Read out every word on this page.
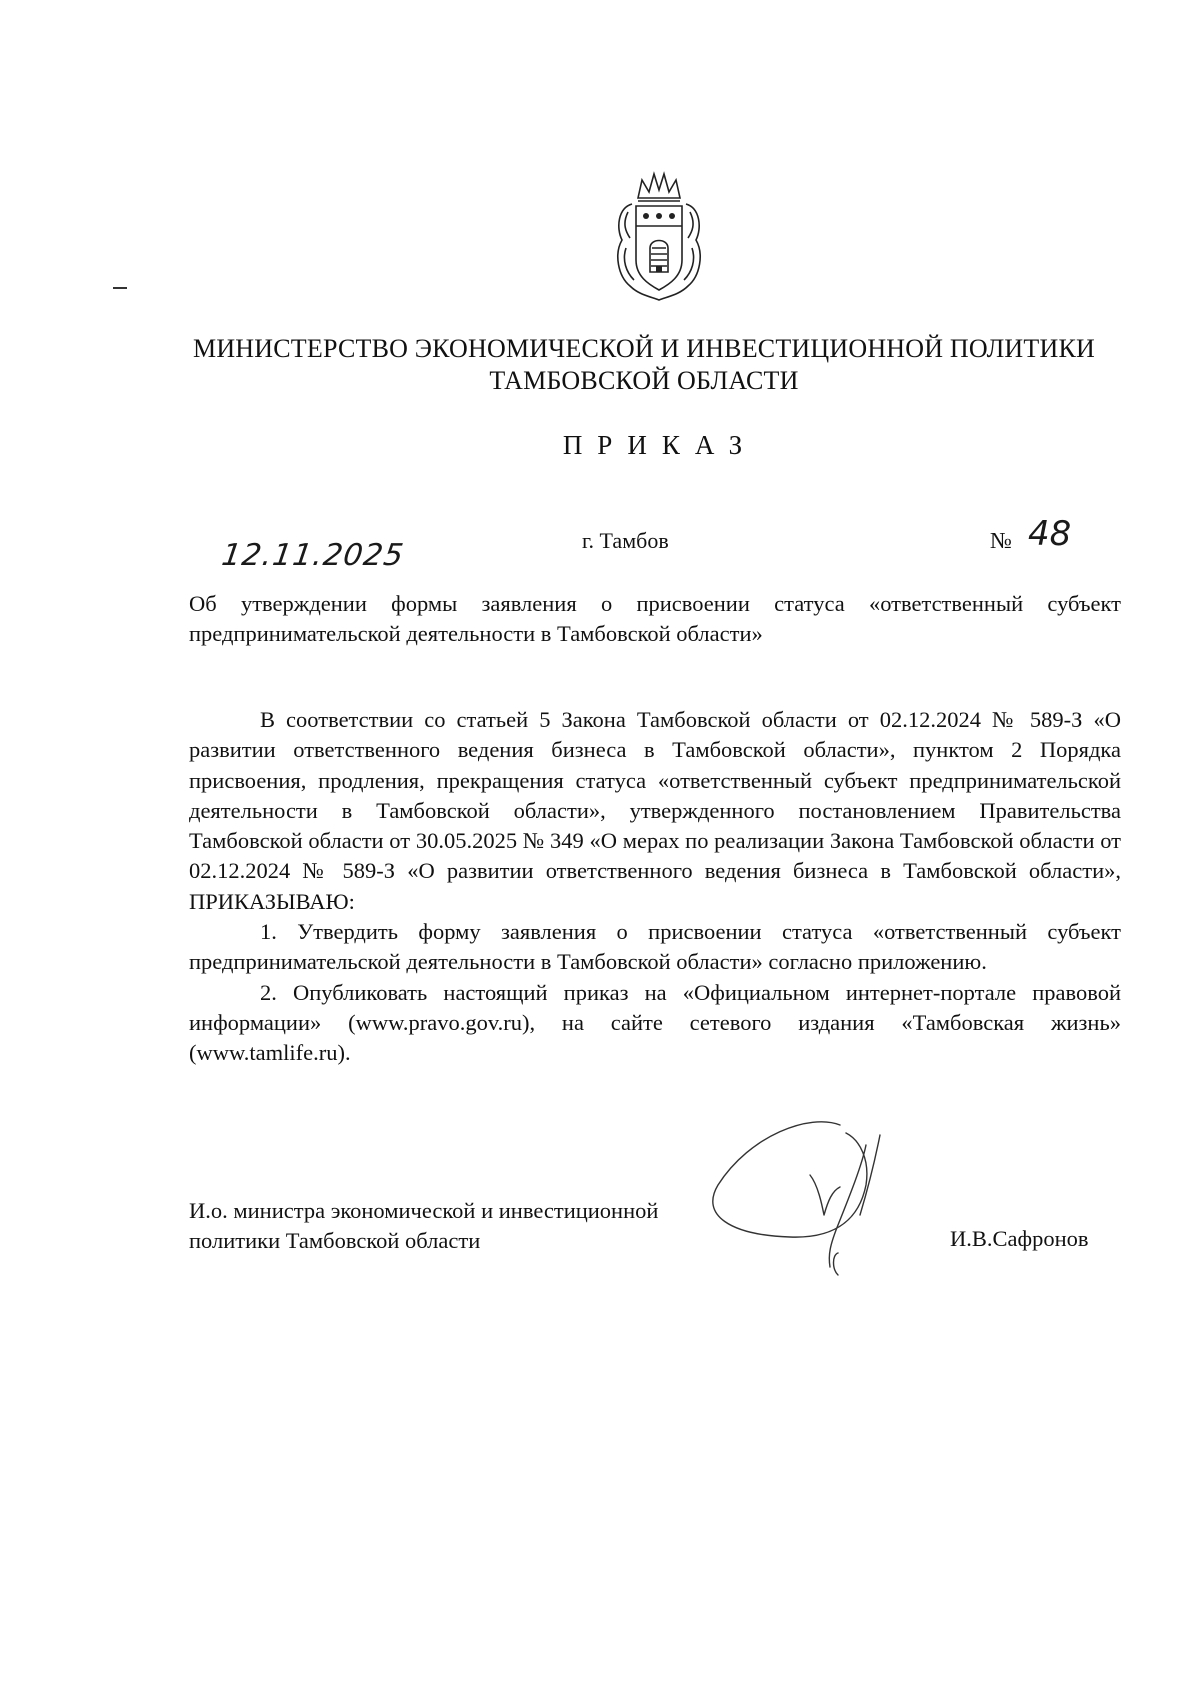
МИНИСТЕРСТВО ЭКОНОМИЧЕСКОЙ И ИНВЕСТИЦИОННОЙ ПОЛИТИКИ
ТАМБОВСКОЙ ОБЛАСТИ
ПРИКАЗ
12.11.2025	г. Тамбов	№ 48
Об утверждении формы заявления о присвоении статуса «ответственный субъект предпринимательской деятельности в Тамбовской области»

В соответствии со статьей 5 Закона Тамбовской области от 02.12.2024 № 589-З «О развитии ответственного ведения бизнеса в Тамбовской области», пунктом 2 Порядка присвоения, продления, прекращения статуса «ответственный субъект предпринимательской деятельности в Тамбовской области», утвержденного постановлением Правительства Тамбовской области от 30.05.2025 № 349 «О мерах по реализации Закона Тамбовской области от 02.12.2024 № 589-З «О развитии ответственного ведения бизнеса в Тамбовской области», ПРИКАЗЫВАЮ:

1. Утвердить форму заявления о присвоении статуса «ответственный субъект предпринимательской деятельности в Тамбовской области» согласно приложению.

2. Опубликовать настоящий приказ на «Официальном интернет-портале правовой информации» (www.pravo.gov.ru), на сайте сетевого издания «Тамбовская жизнь» (www.tamlife.ru).

И.о. министра экономической и инвестиционной
политики Тамбовской области	И.В.Сафронов
